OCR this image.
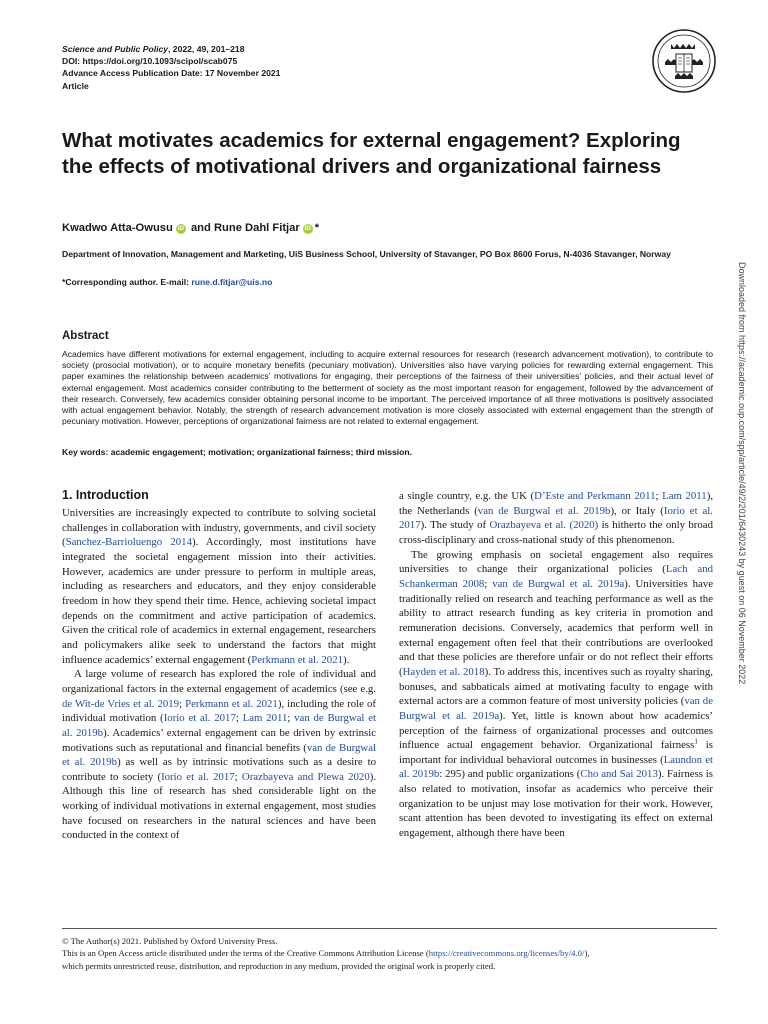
Science and Public Policy, 2022, 49, 201–218
DOI: https://doi.org/10.1093/scipol/scab075
Advance Access Publication Date: 17 November 2021
Article
What motivates academics for external engagement? Exploring the effects of motivational drivers and organizational fairness
Kwadwo Atta-Owusu iD and Rune Dahl Fitjar iD *
Department of Innovation, Management and Marketing, UiS Business School, University of Stavanger, PO Box 8600 Forus, N-4036 Stavanger, Norway
*Corresponding author. E-mail: rune.d.fitjar@uis.no
Abstract

Academics have different motivations for external engagement, including to acquire external resources for research (research advancement motivation), to contribute to society (prosocial motivation), or to acquire monetary benefits (pecuniary motivation). Universities also have varying policies for rewarding external engagement. This paper examines the relationship between academics’ motivations for engaging, their perceptions of the fairness of their universities’ policies, and their actual level of external engagement. Most academics consider contributing to the betterment of society as the most important reason for engagement, followed by the advancement of their research. Conversely, few academics consider obtaining personal income to be important. The perceived importance of all three motivations is positively associated with actual engagement behavior. Notably, the strength of research advancement motivation is more closely associated with external engagement than the strength of pecuniary motivation. However, perceptions of organizational fairness are not related to external engagement.

Key words: academic engagement; motivation; organizational fairness; third mission.
1. Introduction

Universities are increasingly expected to contribute to solving societal challenges in collaboration with industry, governments, and civil society (Sanchez-Barrioluengo 2014). Accordingly, most institutions have integrated the societal engagement mission into their activities. However, academics are under pressure to perform in multiple areas, including as researchers and educators, and they enjoy considerable freedom in how they spend their time. Hence, achieving societal impact depends on the commitment and active participation of academics. Given the critical role of academics in external engagement, researchers and policymakers alike seek to understand the factors that might influence academics’ external engagement (Perkmann et al. 2021).

A large volume of research has explored the role of individual and organizational factors in the external engagement of academics (see e.g. de Wit-de Vries et al. 2019; Perkmann et al. 2021), including the role of individual motivation (Iorio et al. 2017; Lam 2011; van de Burgwal et al. 2019b). Academics’ external engagement can be driven by extrinsic motivations such as reputational and financial benefits (van de Burgwal et al. 2019b) as well as by intrinsic motivations such as a desire to contribute to society (Iorio et al. 2017; Orazbayeva and Plewa 2020). Although this line of research has shed considerable light on the working of individual motivations in external engagement, most studies have focused on researchers in the natural sciences and have been conducted in the context of

a single country, e.g. the UK (D’Este and Perkmann 2011; Lam 2011), the Netherlands (van de Burgwal et al. 2019b), or Italy (Iorio et al. 2017). The study of Orazbayeva et al. (2020) is hitherto the only broad cross-disciplinary and cross-national study of this phenomenon.

The growing emphasis on societal engagement also requires universities to change their organizational policies (Lach and Schankerman 2008; van de Burgwal et al. 2019a). Universities have traditionally relied on research and teaching performance as well as the ability to attract research funding as key criteria in promotion and remuneration decisions. Conversely, academics that perform well in external engagement often feel that their contributions are overlooked and that these policies are therefore unfair or do not reflect their efforts (Hayden et al. 2018). To address this, incentives such as royalty sharing, bonuses, and sabbaticals aimed at motivating faculty to engage with external actors are a common feature of most university policies (van de Burgwal et al. 2019a). Yet, little is known about how academics’ perception of the fairness of organizational processes and outcomes influence actual engagement behavior. Organizational fairness$^1$ is important for individual behavioral outcomes in businesses (Laundon et al. 2019b: 295) and public organizations (Cho and Sai 2013). Fairness is also related to motivation, insofar as academics who perceive their organization to be unjust may lose motivation for their work. However, scant attention has been devoted to investigating its effect on external engagement, although there have been

© The Author(s) 2021. Published by Oxford University Press.
This is an Open Access article distributed under the terms of the Creative Commons Attribution License (https://creativecommons.org/licenses/by/4.0/),
which permits unrestricted reuse, distribution, and reproduction in any medium, provided the original work is properly cited.
Downloaded from https://academic.oup.com/spp/article/49/2/201/6430243 by guest on 06 November 2022
